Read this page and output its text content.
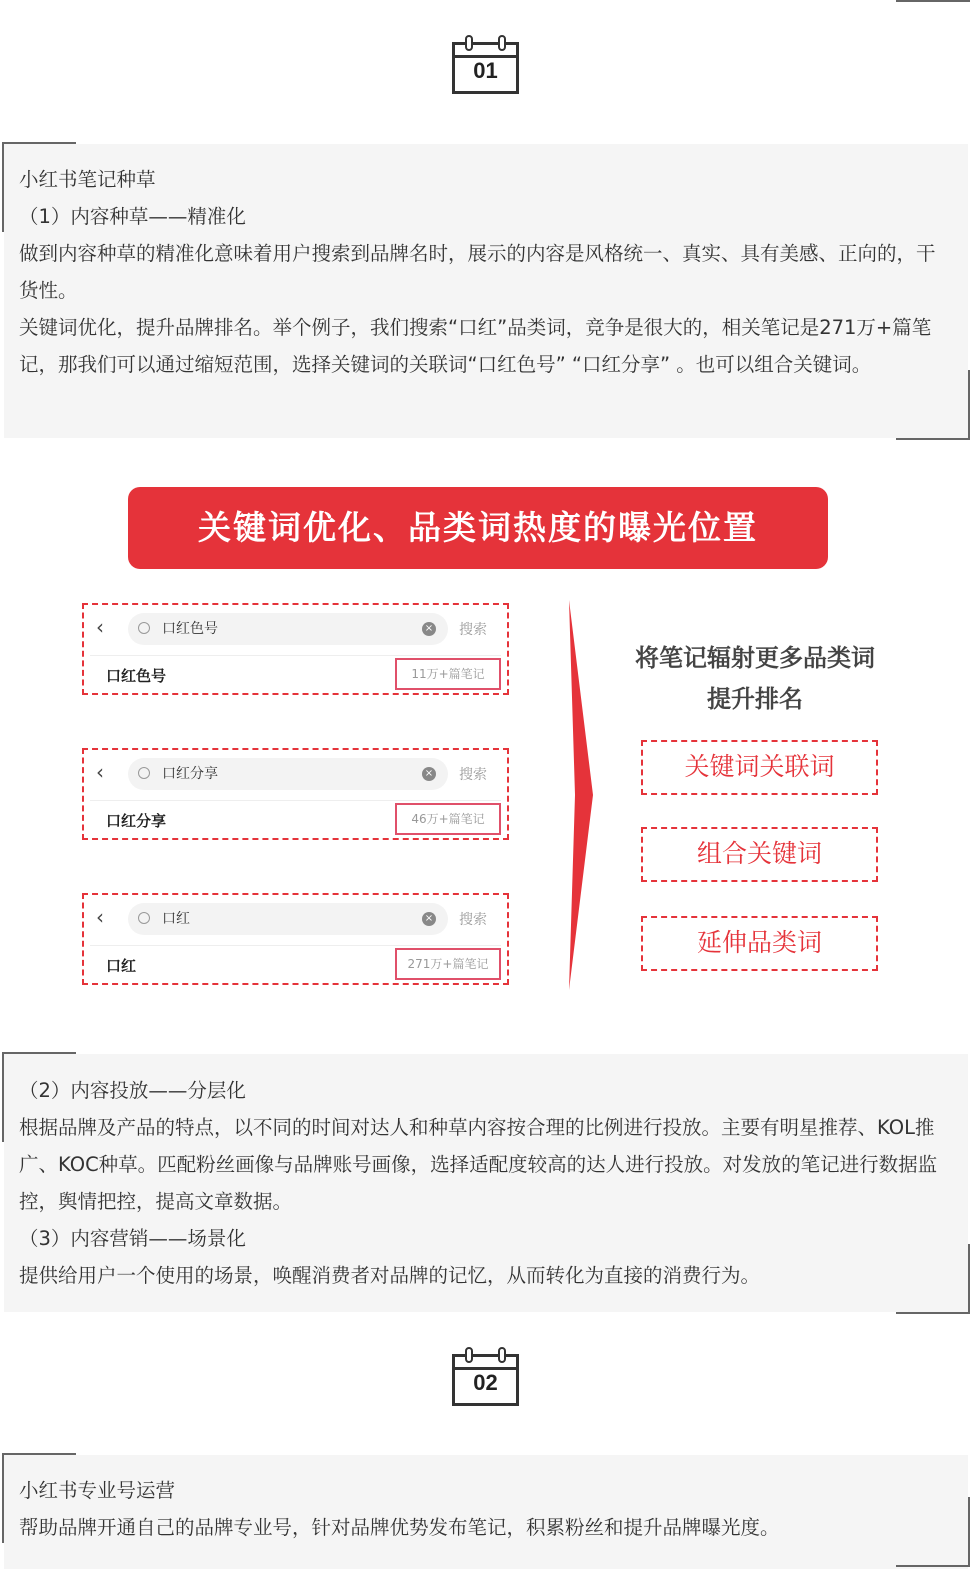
01
小红书笔记种草
（1）内容种草——精准化
做到内容种草的精准化意味着用户搜索到品牌名时，展示的内容是风格统一、真实、具有美感、正向的，干货性。
关键词优化，提升品牌排名。举个例子，我们搜索“口红”品类词，竞争是很大的，相关笔记是271万+篇笔记，那我们可以通过缩短范围，选择关键词的关联词“口红色号” “口红分享” 。也可以组合关键词。
关键词优化、品类词热度的曝光位置
‹	口红色号	× 搜索
口红色号	11万+篇笔记
‹	口红分享	× 搜索
口红分享	46万+篇笔记
‹	口红	× 搜索
口红	271万+篇笔记
将笔记辐射更多品类词
提升排名
关键词关联词
组合关键词
延伸品类词
（2）内容投放——分层化
根据品牌及产品的特点，以不同的时间对达人和种草内容按合理的比例进行投放。主要有明星推荐、KOL推广、KOC种草。匹配粉丝画像与品牌账号画像，选择适配度较高的达人进行投放。对发放的笔记进行数据监控，舆情把控，提高文章数据。
（3）内容营销——场景化
提供给用户一个使用的场景，唤醒消费者对品牌的记忆，从而转化为直接的消费行为。
02
小红书专业号运营
帮助品牌开通自己的品牌专业号，针对品牌优势发布笔记，积累粉丝和提升品牌曝光度。
